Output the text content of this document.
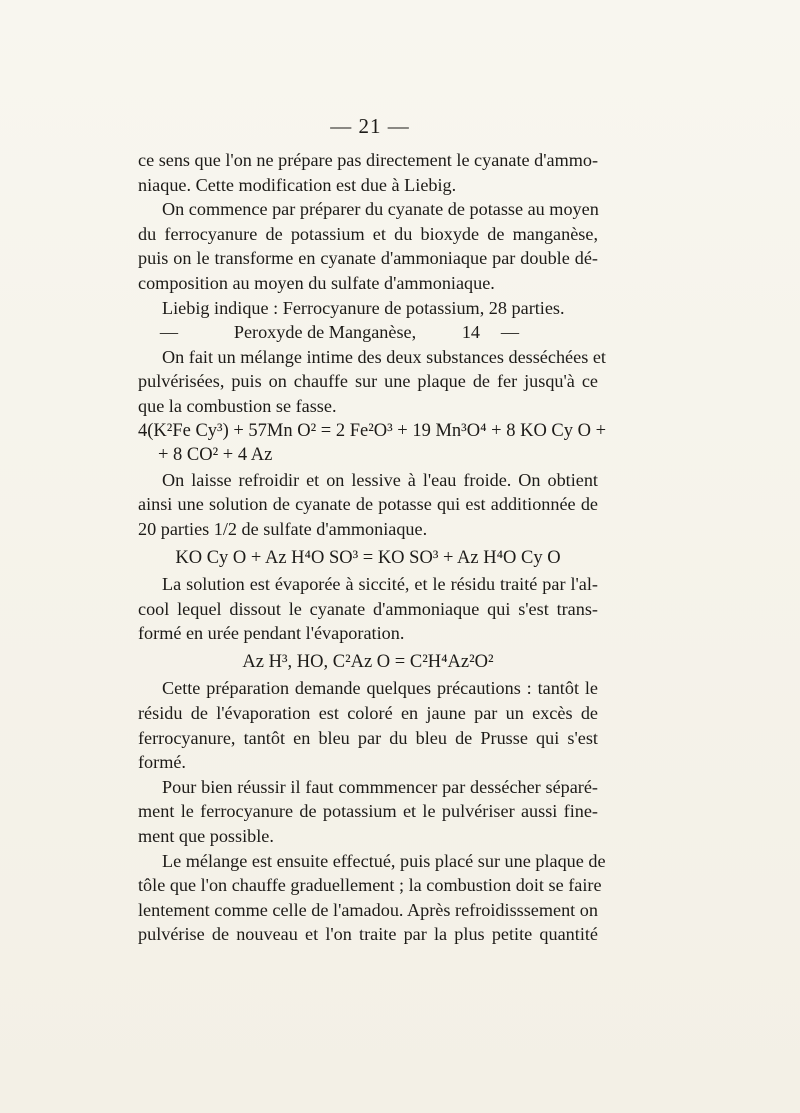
— 21 —

ce sens que l'on ne prépare pas directement le cyanate d'ammo-
niaque. Cette modification est due à Liebig.

On commence par préparer du cyanate de potasse au moyen
du ferrocyanure de potassium et du bioxyde de manganèse,
puis on le transforme en cyanate d'ammoniaque par double dé-
composition au moyen du sulfate d'ammoniaque.

Liebig indique : Ferrocyanure de potassium, 28 parties.

—	Peroxyde de Manganèse,	14	—

On fait un mélange intime des deux substances desséchées et
pulvérisées, puis on chauffe sur une plaque de fer jusqu'à ce
que la combustion se fasse.

4(K²Fe Cy³) + 57Mn O² = 2 Fe²O³ + 19 Mn³O⁴ + 8 KO Cy O +
+ 8 CO² + 4 Az

On laisse refroidir et on lessive à l'eau froide. On obtient
ainsi une solution de cyanate de potasse qui est additionnée de
20 parties 1/2 de sulfate d'ammoniaque.

KO Cy O + Az H⁴O SO³ = KO SO³ + Az H⁴O Cy O

La solution est évaporée à siccité, et le résidu traité par l'al-
cool lequel dissout le cyanate d'ammoniaque qui s'est trans-
formé en urée pendant l'évaporation.

Az H³, HO, C²Az O = C²H⁴Az²O²

Cette préparation demande quelques précautions : tantôt le
résidu de l'évaporation est coloré en jaune par un excès de
ferrocyanure, tantôt en bleu par du bleu de Prusse qui s'est
formé.

Pour bien réussir il faut commmencer par dessécher séparé-
ment le ferrocyanure de potassium et le pulvériser aussi fine-
ment que possible.

Le mélange est ensuite effectué, puis placé sur une plaque de
tôle que l'on chauffe graduellement ; la combustion doit se faire
lentement comme celle de l'amadou. Après refroidisssement on
pulvérise de nouveau et l'on traite par la plus petite quantité
